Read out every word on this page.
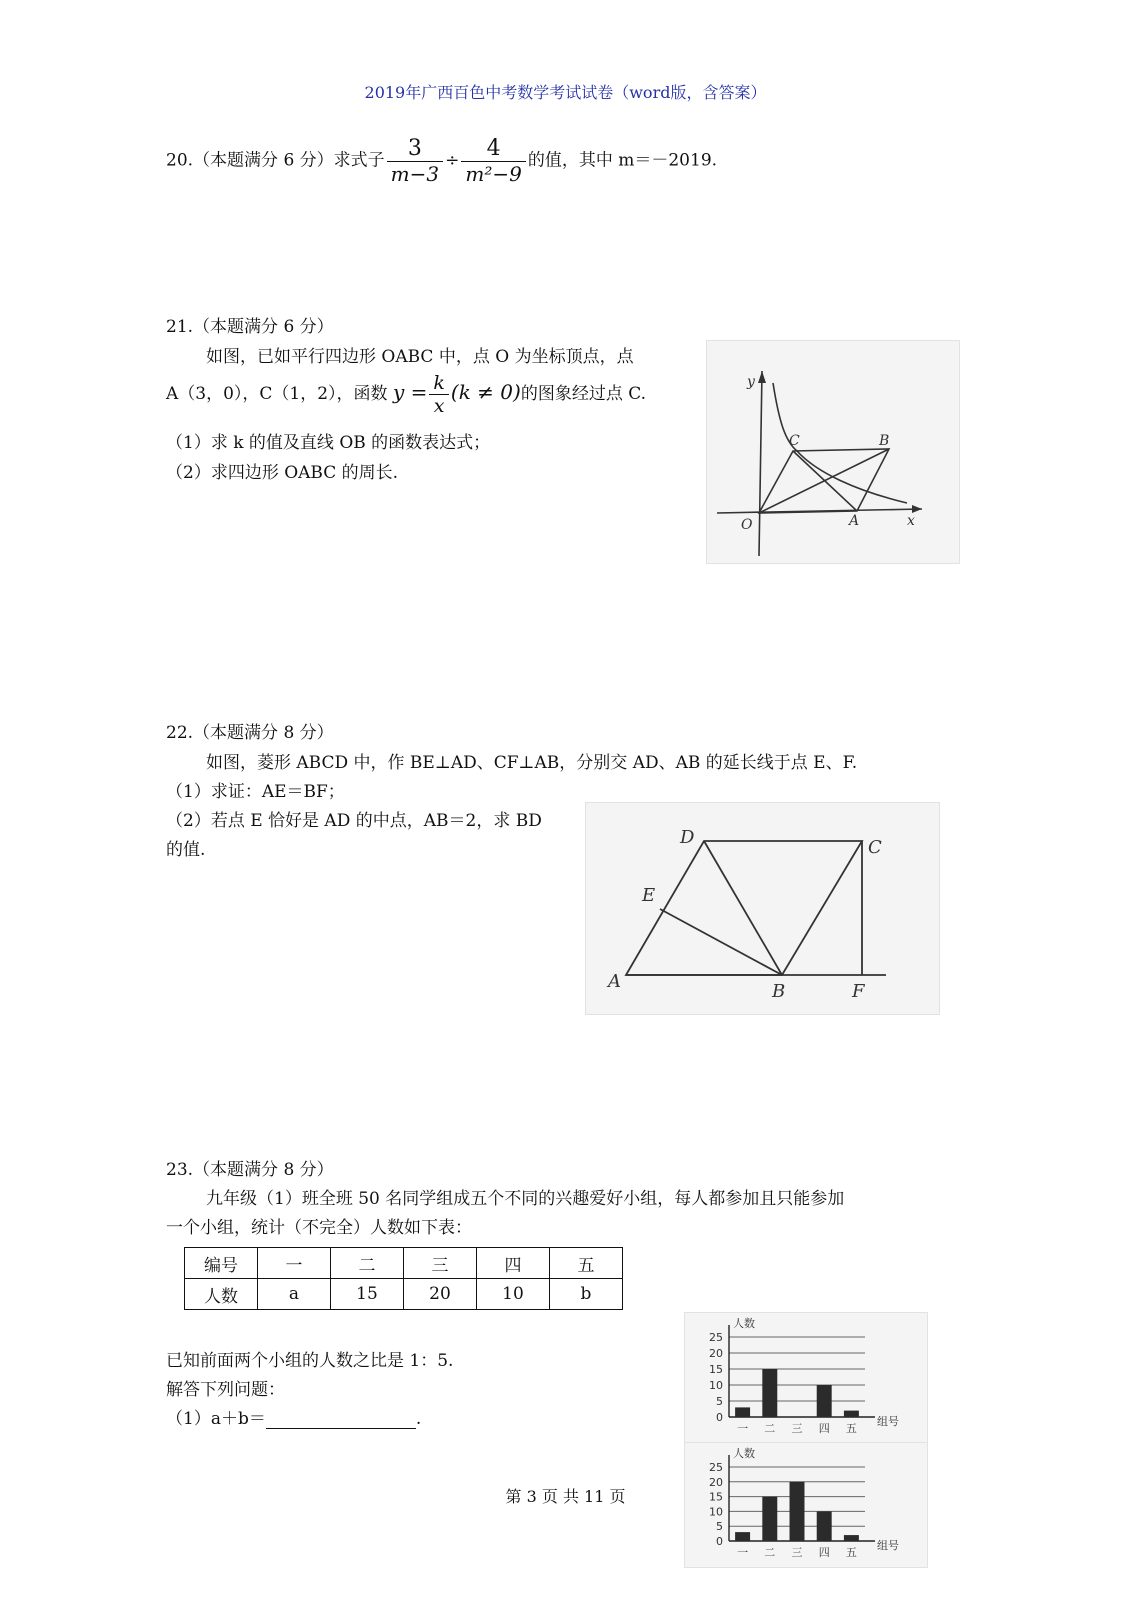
2019年广西百色中考数学考试试卷（word版，含答案）
20.（本题满分 6 分）求式子 $\frac{3}{m-3} \div \frac{4}{\text{m²−9}}$ 的值，其中 m＝－2019.
21.（本题满分 6 分）
如图，已如平行四边形 OABC 中，点 O 为坐标顶点，点
A（3，0），C（1，2），函数 $y = \frac{k}{x} (k \ne 0)$的图象经过点 C.
（1）求 k 的值及直线 OB 的函数表达式；
（2）求四边形 OABC 的周长.
y
x
O	A
B
C
22.（本题满分 8 分）
如图，菱形 ABCD 中，作 BE⊥AD、CF⊥AB，分别交 AD、AB 的延长线于点 E、F.
（1）求证：AE＝BF；
（2）若点 E 恰好是 AD 的中点，AB＝2，求 BD
的值.
A	B
C
D
E
F
23.（本题满分 8 分）
九年级（1）班全班 50 名同学组成五个不同的兴趣爱好小组，每人都参加且只能参加
一个小组，统计（不完全）人数如下表：
编号	一	二	三	四	五
人数	a	15	20	10	b
已知前面两个小组的人数之比是 1：5.
解答下列问题：
（1）a＋b＝	.	0
5
10
15
20
25
人数
组号
一 二 三 四 五
0
5
10
15
20
25
人数
组号
一 二 三 四 五
第 3 页 共 11 页
